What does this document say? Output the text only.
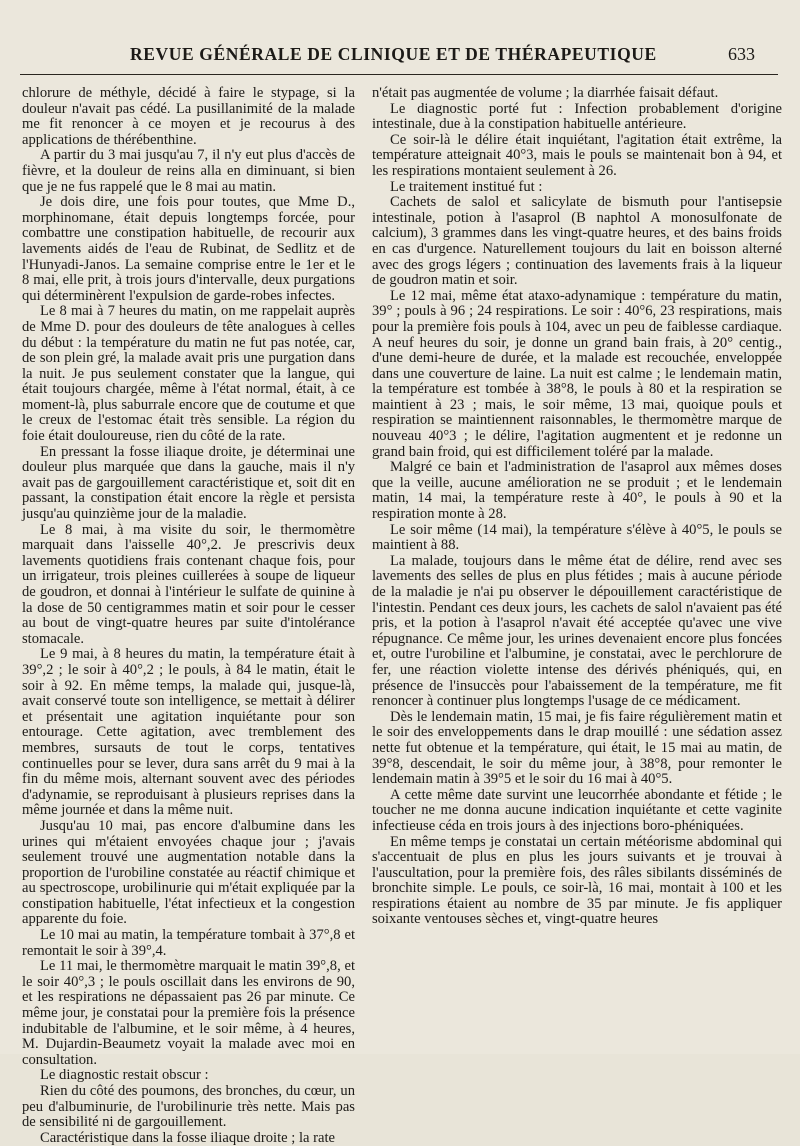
REVUE GÉNÉRALE DE CLINIQUE ET DE THÉRAPEUTIQUE	633

chlorure de méthyle, décidé à faire le stypage, si la douleur n'avait pas cédé. La pusillanimité de la malade me fit renoncer à ce moyen et je recourus à des applications de thérébenthine.

A partir du 3 mai jusqu'au 7, il n'y eut plus d'accès de fièvre, et la douleur de reins alla en diminuant, si bien que je ne fus rappelé que le 8 mai au matin.

Je dois dire, une fois pour toutes, que Mme D., morphinomane, était depuis longtemps forcée, pour combattre une constipation habituelle, de recourir aux lavements aidés de l'eau de Rubinat, de Sedlitz et de l'Hunyadi-Janos. La semaine comprise entre le 1er et le 8 mai, elle prit, à trois jours d'intervalle, deux purgations qui déterminèrent l'expulsion de garde-robes infectes.

Le 8 mai à 7 heures du matin, on me rappelait auprès de Mme D. pour des douleurs de tête analogues à celles du début : la température du matin ne fut pas notée, car, de son plein gré, la malade avait pris une purgation dans la nuit. Je pus seulement constater que la langue, qui était toujours chargée, même à l'état normal, était, à ce moment-là, plus saburrale encore que de coutume et que le creux de l'estomac était très sensible. La région du foie était douloureuse, rien du côté de la rate.

En pressant la fosse iliaque droite, je déterminai une douleur plus marquée que dans la gauche, mais il n'y avait pas de gargouillement caractéristique et, soit dit en passant, la constipation était encore la règle et persista jusqu'au quinzième jour de la maladie.

Le 8 mai, à ma visite du soir, le thermomètre marquait dans l'aisselle 40°,2. Je prescrivis deux lavements quotidiens frais contenant chaque fois, pour un irrigateur, trois pleines cuillerées à soupe de liqueur de goudron, et donnai à l'intérieur le sulfate de quinine à la dose de 50 centigrammes matin et soir pour le cesser au bout de vingt-quatre heures par suite d'intolérance stomacale.

Le 9 mai, à 8 heures du matin, la température était à 39°,2 ; le soir à 40°,2 ; le pouls, à 84 le matin, était le soir à 92. En même temps, la malade qui, jusque-là, avait conservé toute son intelligence, se mettait à délirer et présentait une agitation inquiétante pour son entourage. Cette agitation, avec tremblement des membres, sursauts de tout le corps, tentatives continuelles pour se lever, dura sans arrêt du 9 mai à la fin du même mois, alternant souvent avec des périodes d'adynamie, se reproduisant à plusieurs reprises dans la même journée et dans la même nuit.

Jusqu'au 10 mai, pas encore d'albumine dans les urines qui m'étaient envoyées chaque jour ; j'avais seulement trouvé une augmentation notable dans la proportion de l'urobiline constatée au réactif chimique et au spectroscope, urobilinurie qui m'était expliquée par la constipation habituelle, l'état infectieux et la congestion apparente du foie.

Le 10 mai au matin, la température tombait à 37°,8 et remontait le soir à 39°,4.

Le 11 mai, le thermomètre marquait le matin 39°,8, et le soir 40°,3 ; le pouls oscillait dans les environs de 90, et les respirations ne dépassaient pas 26 par minute. Ce même jour, je constatai pour la première fois la présence indubitable de l'albumine, et le soir même, à 4 heures, M. Dujardin-Beaumetz voyait la malade avec moi en consultation.

Le diagnostic restait obscur :

Rien du côté des poumons, des bronches, du cœur, un peu d'albuminurie, de l'urobilinurie très nette. Mais pas de sensibilité ni de gargouillement.

Caractéristique dans la fosse iliaque droite ; la rate

n'était pas augmentée de volume ; la diarrhée faisait défaut.

Le diagnostic porté fut : Infection probablement d'origine intestinale, due à la constipation habituelle antérieure.

Ce soir-là le délire était inquiétant, l'agitation était extrême, la température atteignait 40°3, mais le pouls se maintenait bon à 94, et les respirations montaient seulement à 26.

Le traitement institué fut :

Cachets de salol et salicylate de bismuth pour l'antisepsie intestinale, potion à l'asaprol (B naphtol A monosulfonate de calcium), 3 grammes dans les vingt-quatre heures, et des bains froids en cas d'urgence. Naturellement toujours du lait en boisson alterné avec des grogs légers ; continuation des lavements frais à la liqueur de goudron matin et soir.

Le 12 mai, même état ataxo-adynamique : température du matin, 39° ; pouls à 96 ; 24 respirations. Le soir : 40°6, 23 respirations, mais pour la première fois pouls à 104, avec un peu de faiblesse cardiaque. A neuf heures du soir, je donne un grand bain frais, à 20° centig., d'une demi-heure de durée, et la malade est recouchée, enveloppée dans une couverture de laine. La nuit est calme ; le lendemain matin, la température est tombée à 38°8, le pouls à 80 et la respiration se maintient à 23 ; mais, le soir même, 13 mai, quoique pouls et respiration se maintiennent raisonnables, le thermomètre marque de nouveau 40°3 ; le délire, l'agitation augmentent et je redonne un grand bain froid, qui est difficilement toléré par la malade.

Malgré ce bain et l'administration de l'asaprol aux mêmes doses que la veille, aucune amélioration ne se produit ; et le lendemain matin, 14 mai, la température reste à 40°, le pouls à 90 et la respiration monte à 28.

Le soir même (14 mai), la température s'élève à 40°5, le pouls se maintient à 88.

La malade, toujours dans le même état de délire, rend avec ses lavements des selles de plus en plus fétides ; mais à aucune période de la maladie je n'ai pu observer le dépouillement caractéristique de l'intestin. Pendant ces deux jours, les cachets de salol n'avaient pas été pris, et la potion à l'asaprol n'avait été acceptée qu'avec une vive répugnance. Ce même jour, les urines devenaient encore plus foncées et, outre l'urobiline et l'albumine, je constatai, avec le perchlorure de fer, une réaction violette intense des dérivés phéniqués, qui, en présence de l'insuccès pour l'abaissement de la température, me fit renoncer à continuer plus longtemps l'usage de ce médicament.

Dès le lendemain matin, 15 mai, je fis faire régulièrement matin et le soir des enveloppements dans le drap mouillé : une sédation assez nette fut obtenue et la température, qui était, le 15 mai au matin, de 39°8, descendait, le soir du même jour, à 38°8, pour remonter le lendemain matin à 39°5 et le soir du 16 mai à 40°5.

A cette même date survint une leucorrhée abondante et fétide ; le toucher ne me donna aucune indication inquiétante et cette vaginite infectieuse céda en trois jours à des injections boro-phéniquées.

En même temps je constatai un certain météorisme abdominal qui s'accentuait de plus en plus les jours suivants et je trouvai à l'auscultation, pour la première fois, des râles sibilants disséminés de bronchite simple. Le pouls, ce soir-là, 16 mai, montait à 100 et les respirations étaient au nombre de 35 par minute. Je fis appliquer soixante ventouses sèches et, vingt-quatre heures
